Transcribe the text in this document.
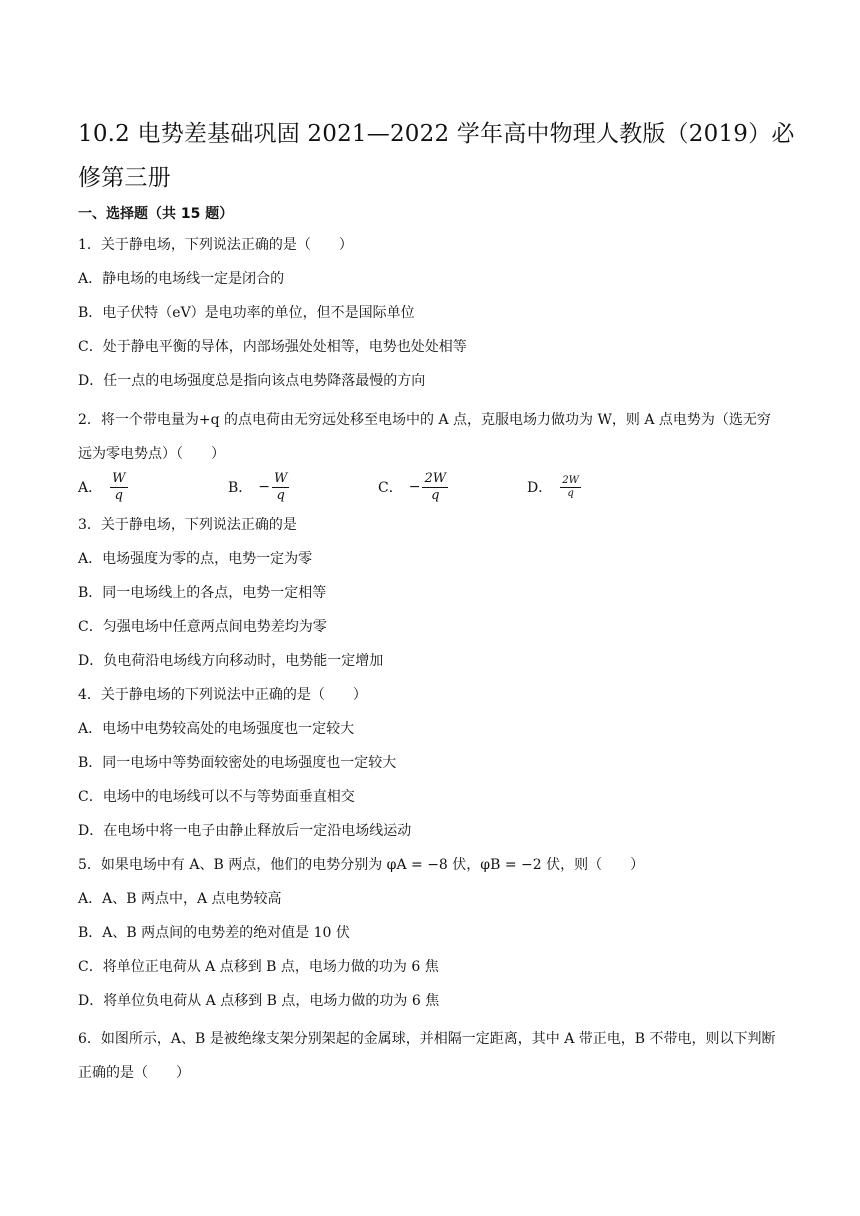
10.2 电势差基础巩固 2021—2022 学年高中物理人教版（2019）必修第三册
一、选择题（共 15 题）
1．关于静电场，下列说法正确的是（　　）
A．静电场的电场线一定是闭合的
B．电子伏特（eV）是电功率的单位，但不是国际单位
C．处于静电平衡的导体，内部场强处处相等，电势也处处相等
D．任一点的电场强度总是指向该点电势降落最慢的方向
2．将一个带电量为+q 的点电荷由无穷远处移至电场中的 A 点，克服电场力做功为 W，则 A 点电势为（选无穷远为零电势点）（　　）
A． $\frac{W}{q}$	B． − $\frac{W}{q}$	C． − $\frac{2W}{q}$	D． $\frac{2W}{q}$
3．关于静电场，下列说法正确的是
A．电场强度为零的点，电势一定为零
B．同一电场线上的各点，电势一定相等
C．匀强电场中任意两点间电势差均为零
D．负电荷沿电场线方向移动时，电势能一定增加
4．关于静电场的下列说法中正确的是（　　）
A．电场中电势较高处的电场强度也一定较大
B．同一电场中等势面较密处的电场强度也一定较大
C．电场中的电场线可以不与等势面垂直相交
D．在电场中将一电子由静止释放后一定沿电场线运动
5．如果电场中有 A、B 两点，他们的电势分别为 φA = −8 伏，φB = −2 伏，则（　　）
A．A、B 两点中，A 点电势较高
B．A、B 两点间的电势差的绝对值是 10 伏
C．将单位正电荷从 A 点移到 B 点，电场力做的功为 6 焦
D．将单位负电荷从 A 点移到 B 点，电场力做的功为 6 焦
6．如图所示，A、B 是被绝缘支架分别架起的金属球，并相隔一定距离，其中 A 带正电，B 不带电，则以下判断正确的是（　　）
